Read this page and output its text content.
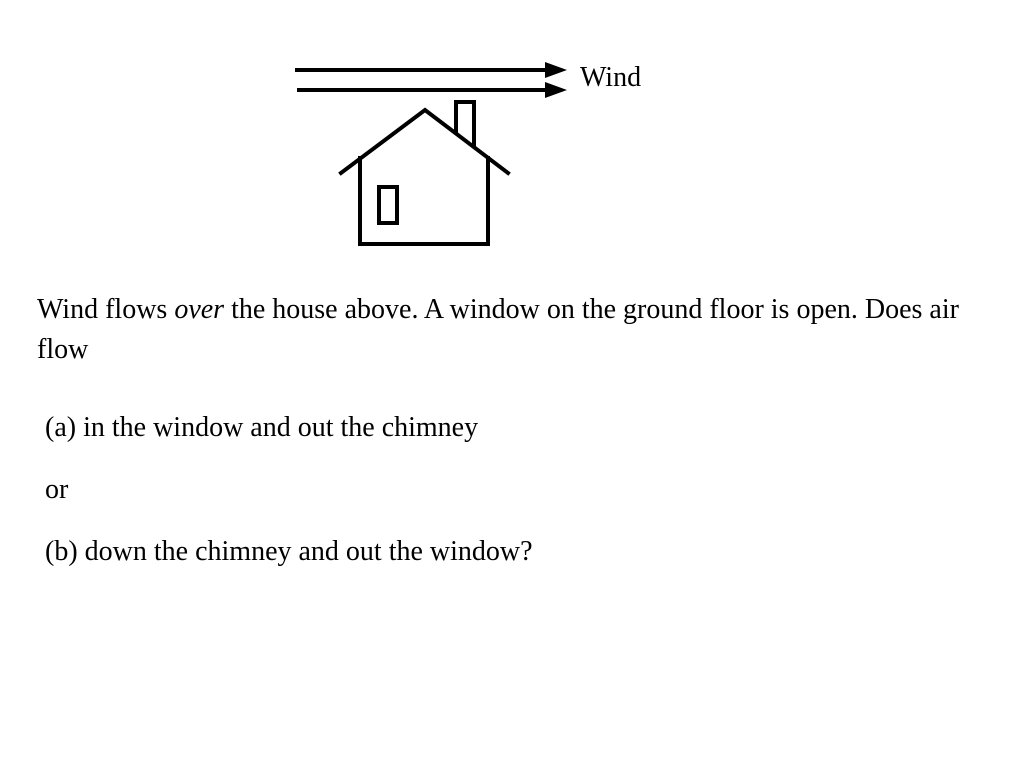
Wind

Wind flows over the house above. A window on the ground floor is open. Does air flow

(a) in the window and out the chimney

or

(b) down the chimney and out the window?
